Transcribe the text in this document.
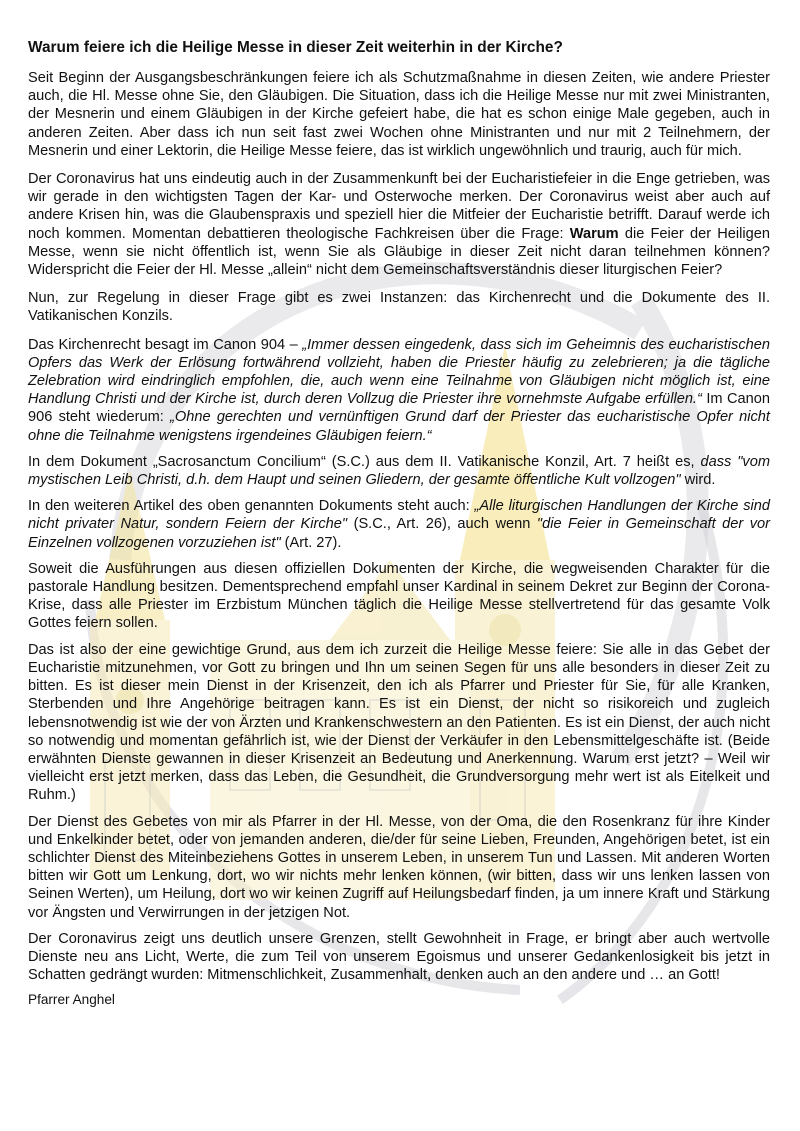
Warum feiere ich die Heilige Messe in dieser Zeit weiterhin in der Kirche?

Seit Beginn der Ausgangsbeschränkungen feiere ich als Schutzmaßnahme in diesen Zeiten, wie andere Priester auch, die Hl. Messe ohne Sie, den Gläubigen. Die Situation, dass ich die Heilige Messe nur mit zwei Ministranten, der Mesnerin und einem Gläubigen in der Kirche gefeiert habe, die hat es schon einige Male gegeben, auch in anderen Zeiten. Aber dass ich nun seit fast zwei Wochen ohne Ministranten und nur mit 2 Teilnehmern, der Mesnerin und einer Lektorin, die Heilige Messe feiere, das ist wirklich ungewöhnlich und traurig, auch für mich.

Der Coronavirus hat uns eindeutig auch in der Zusammenkunft bei der Eucharistiefeier in die Enge getrieben, was wir gerade in den wichtigsten Tagen der Kar- und Osterwoche merken. Der Coronavirus weist aber auch auf andere Krisen hin, was die Glaubenspraxis und speziell hier die Mitfeier der Eucharistie betrifft. Darauf werde ich noch kommen. Momentan debattieren theologische Fachkreisen über die Frage: Warum die Feier der Heiligen Messe, wenn sie nicht öffentlich ist, wenn Sie als Gläubige in dieser Zeit nicht daran teilnehmen können? Widerspricht die Feier der Hl. Messe „allein“ nicht dem Gemeinschaftsverständnis dieser liturgischen Feier?

Nun, zur Regelung in dieser Frage gibt es zwei Instanzen: das Kirchenrecht und die Dokumente des II. Vatikanischen Konzils.

Das Kirchenrecht besagt im Canon 904 – „Immer dessen eingedenk, dass sich im Geheimnis des eucharistischen Opfers das Werk der Erlösung fortwährend vollzieht, haben die Priester häufig zu zelebrieren; ja die tägliche Zelebration wird eindringlich empfohlen, die, auch wenn eine Teilnahme von Gläubigen nicht möglich ist, eine Handlung Christi und der Kirche ist, durch deren Vollzug die Priester ihre vornehmste Aufgabe erfüllen.“ Im Canon 906 steht wiederum: „Ohne gerechten und vernünftigen Grund darf der Priester das eucharistische Opfer nicht ohne die Teilnahme wenigstens irgendeines Gläubigen feiern.“

In dem Dokument „Sacrosanctum Concilium“ (S.C.) aus dem II. Vatikanische Konzil, Art. 7 heißt es, dass "vom mystischen Leib Christi, d.h. dem Haupt und seinen Gliedern, der gesamte öffentliche Kult vollzogen" wird.

In den weiteren Artikel des oben genannten Dokuments steht auch: „Alle liturgischen Handlungen der Kirche sind nicht privater Natur, sondern Feiern der Kirche" (S.C., Art. 26), auch wenn "die Feier in Gemeinschaft der vor Einzelnen vollzogenen vorzuziehen ist" (Art. 27).

Soweit die Ausführungen aus diesen offiziellen Dokumenten der Kirche, die wegweisenden Charakter für die pastorale Handlung besitzen. Dementsprechend empfahl unser Kardinal in seinem Dekret zur Beginn der Corona-Krise, dass alle Priester im Erzbistum München täglich die Heilige Messe stellvertretend für das gesamte Volk Gottes feiern sollen.

Das ist also der eine gewichtige Grund, aus dem ich zurzeit die Heilige Messe feiere: Sie alle in das Gebet der Eucharistie mitzunehmen, vor Gott zu bringen und Ihn um seinen Segen für uns alle besonders in dieser Zeit zu bitten. Es ist dieser mein Dienst in der Krisenzeit, den ich als Pfarrer und Priester für Sie, für alle Kranken, Sterbenden und Ihre Angehörige beitragen kann. Es ist ein Dienst, der nicht so risikoreich und zugleich lebensnotwendig ist wie der von Ärzten und Krankenschwestern an den Patienten. Es ist ein Dienst, der auch nicht so notwendig und momentan gefährlich ist, wie der Dienst der Verkäufer in den Lebensmittelgeschäfte ist. (Beide erwähnten Dienste gewannen in dieser Krisenzeit an Bedeutung und Anerkennung. Warum erst jetzt? – Weil wir vielleicht erst jetzt merken, dass das Leben, die Gesundheit, die Grundversorgung mehr wert ist als Eitelkeit und Ruhm.)

Der Dienst des Gebetes von mir als Pfarrer in der Hl. Messe, von der Oma, die den Rosenkranz für ihre Kinder und Enkelkinder betet, oder von jemanden anderen, die/der für seine Lieben, Freunden, Angehörigen betet, ist ein schlichter Dienst des Miteinbeziehens Gottes in unserem Leben, in unserem Tun und Lassen. Mit anderen Worten bitten wir Gott um Lenkung, dort, wo wir nichts mehr lenken können, (wir bitten, dass wir uns lenken lassen von Seinen Werten), um Heilung, dort wo wir keinen Zugriff auf Heilungsbedarf finden, ja um innere Kraft und Stärkung vor Ängsten und Verwirrungen in der jetzigen Not.

Der Coronavirus zeigt uns deutlich unsere Grenzen, stellt Gewohnheit in Frage, er bringt aber auch wertvolle Dienste neu ans Licht, Werte, die zum Teil von unserem Egoismus und unserer Gedankenlosigkeit bis jetzt in Schatten gedrängt wurden: Mitmenschlichkeit, Zusammenhalt, denken auch an den andere und … an Gott!

Pfarrer Anghel
